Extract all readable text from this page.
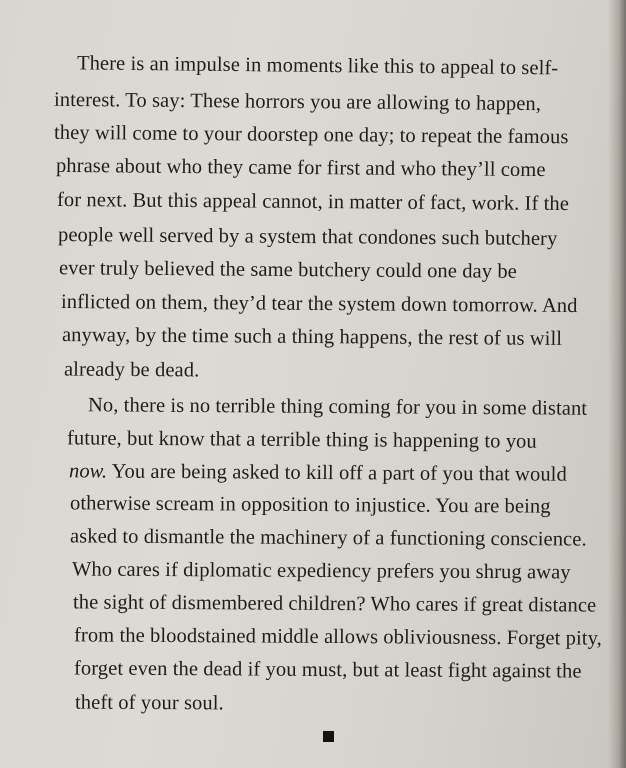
There is an impulse in moments like this to appeal to self-
interest. To say: These horrors you are allowing to happen,
they will come to your doorstep one day; to repeat the famous
phrase about who they came for first and who they’ll come
for next. But this appeal cannot, in matter of fact, work. If the
people well served by a system that condones such butchery
ever truly believed the same butchery could one day be
inflicted on them, they’d tear the system down tomorrow. And
anyway, by the time such a thing happens, the rest of us will
already be dead.
No, there is no terrible thing coming for you in some distant
future, but know that a terrible thing is happening to you
now. You are being asked to kill off a part of you that would
otherwise scream in opposition to injustice. You are being
asked to dismantle the machinery of a functioning conscience.
Who cares if diplomatic expediency prefers you shrug away
the sight of dismembered children? Who cares if great distance
from the bloodstained middle allows obliviousness. Forget pity,
forget even the dead if you must, but at least fight against the
theft of your soul.
